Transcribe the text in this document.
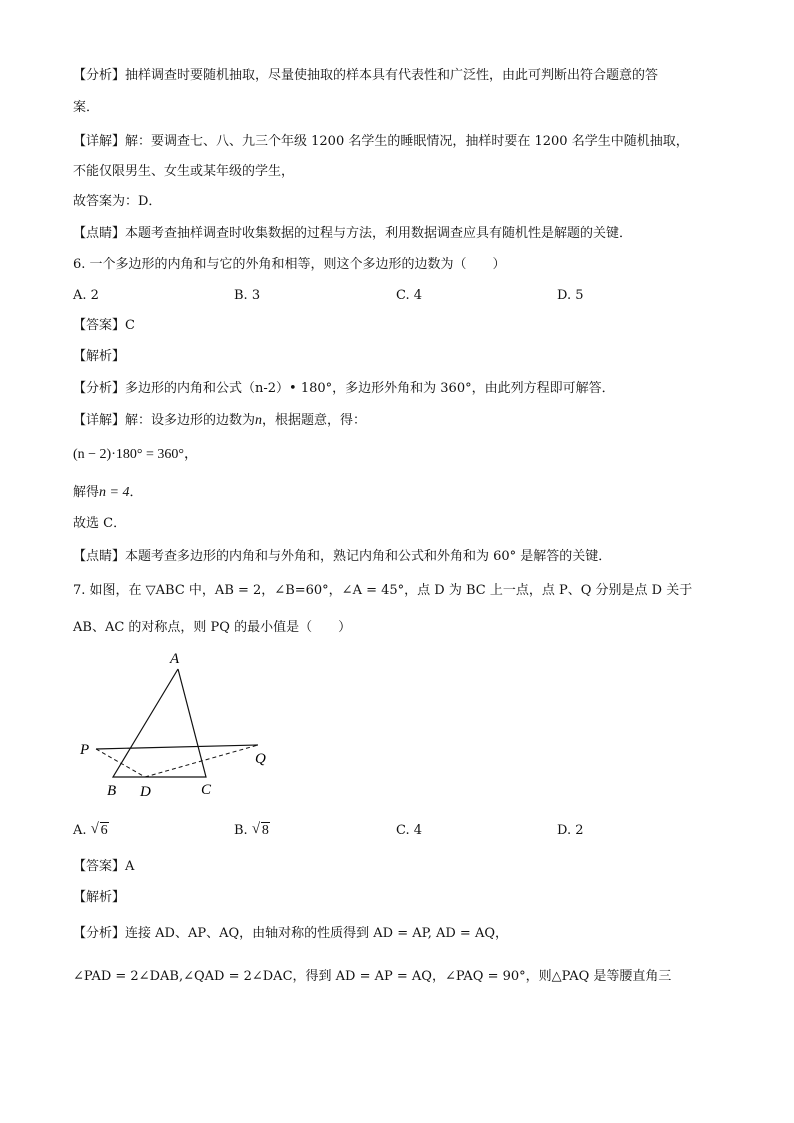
【分析】抽样调查时要随机抽取，尽量使抽取的样本具有代表性和广泛性，由此可判断出符合题意的答
案．
【详解】解：要调查七、八、九三个年级 1200 名学生的睡眠情况，抽样时要在 1200 名学生中随机抽取，
不能仅限男生、女生或某年级的学生，
故答案为：D．
【点睛】本题考查抽样调查时收集数据的过程与方法，利用数据调查应具有随机性是解题的关键．
6. 一个多边形的内角和与它的外角和相等，则这个多边形的边数为（　　）
A. 2	B. 3	C. 4	D. 5
【答案】C
【解析】
【分析】多边形的内角和公式（n-2）• 180°，多边形外角和为 360°，由此列方程即可解答．
【详解】解：设多边形的边数为n，根据题意，得：
(n − 2)·180° = 360°，
解得n = 4．
故选 C．
【点睛】本题考查多边形的内角和与外角和，熟记内角和公式和外角和为 60° 是解答的关键．
7. 如图，在 ▽ABC 中，AB = 2，∠B=60°，∠A = 45°，点 D 为 BC 上一点，点 P、Q 分别是点 D 关于
AB、AC 的对称点，则 PQ 的最小值是（　　）
A
P
Q
B D	C
A. √ 6	B. √ 8	C. 4	D. 2
【答案】A
【解析】
【分析】连接 AD、AP、AQ，由轴对称的性质得到 AD = AP, AD = AQ，
∠PAD = 2∠DAB,∠QAD = 2∠DAC，得到 AD = AP = AQ，∠PAQ = 90°，则△PAQ 是等腰直角三
